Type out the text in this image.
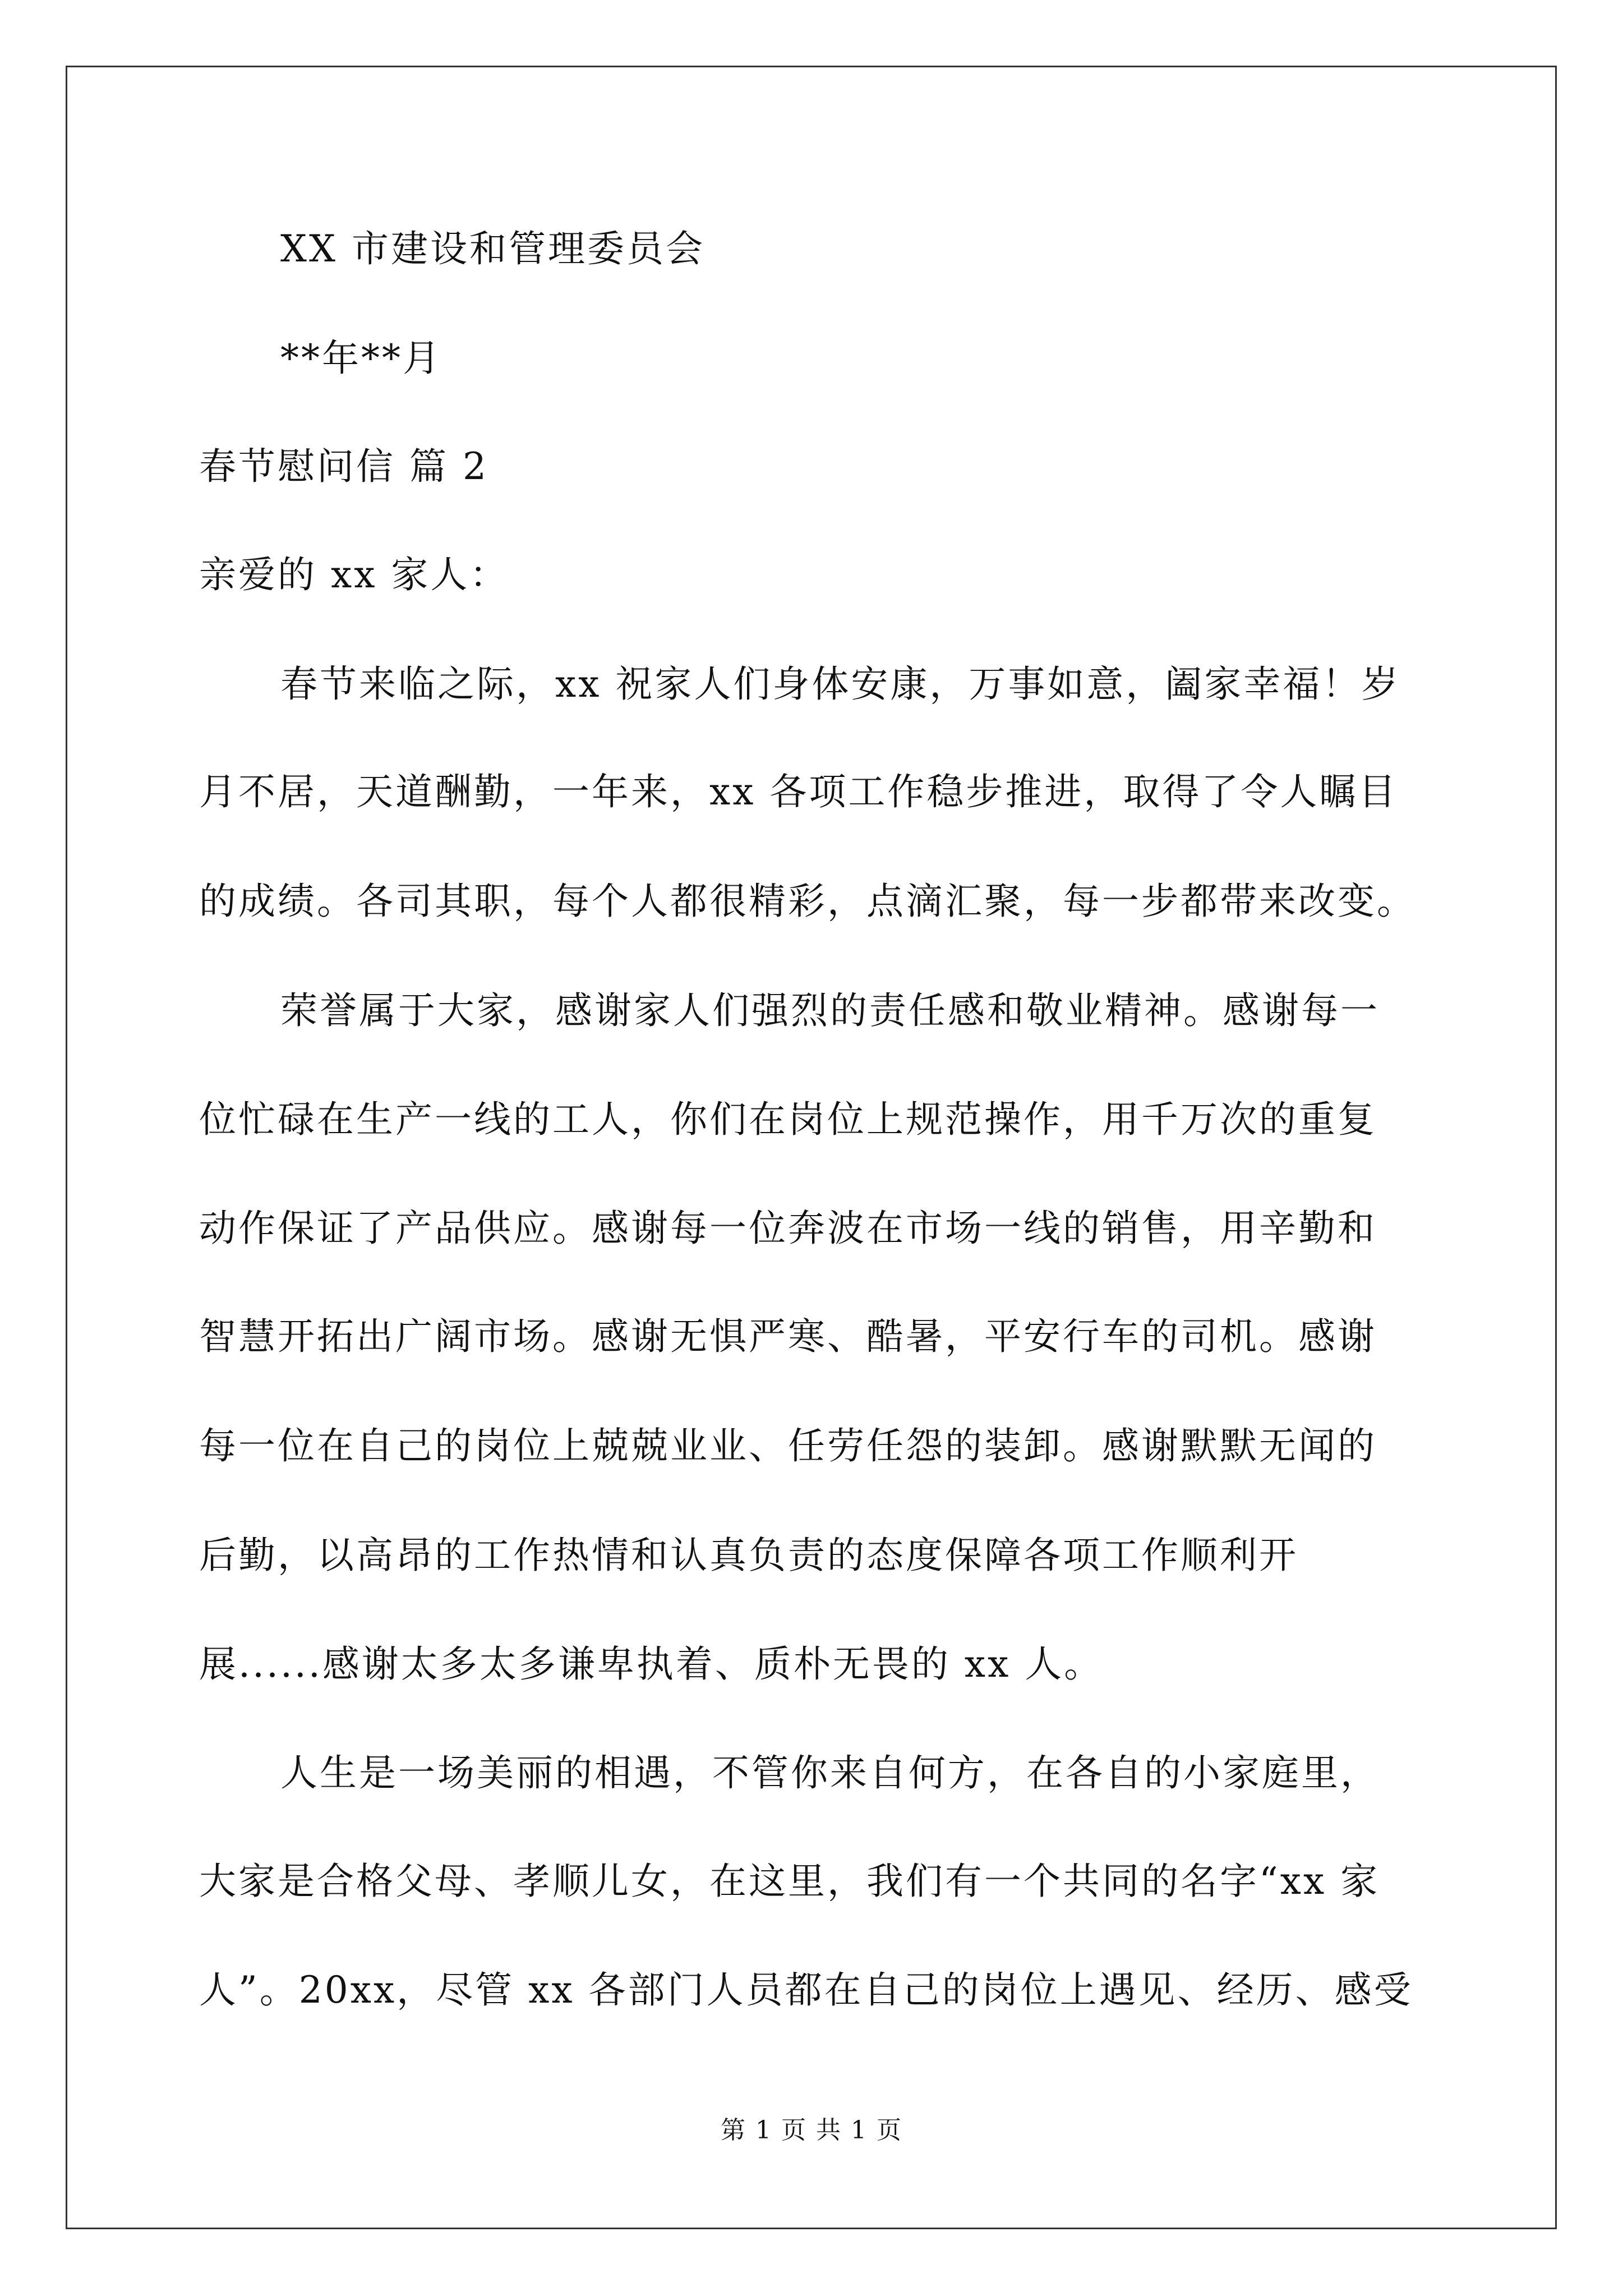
XX 市建设和管理委员会
**年**月
春节慰问信 篇 2
亲爱的 xx 家人：
春节来临之际，xx 祝家人们身体安康，万事如意，阖家幸福！岁
月不居，天道酬勤，一年来，xx 各项工作稳步推进，取得了令人瞩目
的成绩。各司其职，每个人都很精彩，点滴汇聚，每一步都带来改变。
荣誉属于大家，感谢家人们强烈的责任感和敬业精神。感谢每一
位忙碌在生产一线的工人，你们在岗位上规范操作，用千万次的重复
动作保证了产品供应。感谢每一位奔波在市场一线的销售，用辛勤和
智慧开拓出广阔市场。感谢无惧严寒、酷暑，平安行车的司机。感谢
每一位在自己的岗位上兢兢业业、任劳任怨的装卸。感谢默默无闻的
后勤，以高昂的工作热情和认真负责的态度保障各项工作顺利开
展......感谢太多太多谦卑执着、质朴无畏的 xx 人。
人生是一场美丽的相遇，不管你来自何方，在各自的小家庭里，
大家是合格父母、孝顺儿女，在这里，我们有一个共同的名字“xx 家
人”。20xx，尽管 xx 各部门人员都在自己的岗位上遇见、经历、感受
第 1 页 共 1 页
